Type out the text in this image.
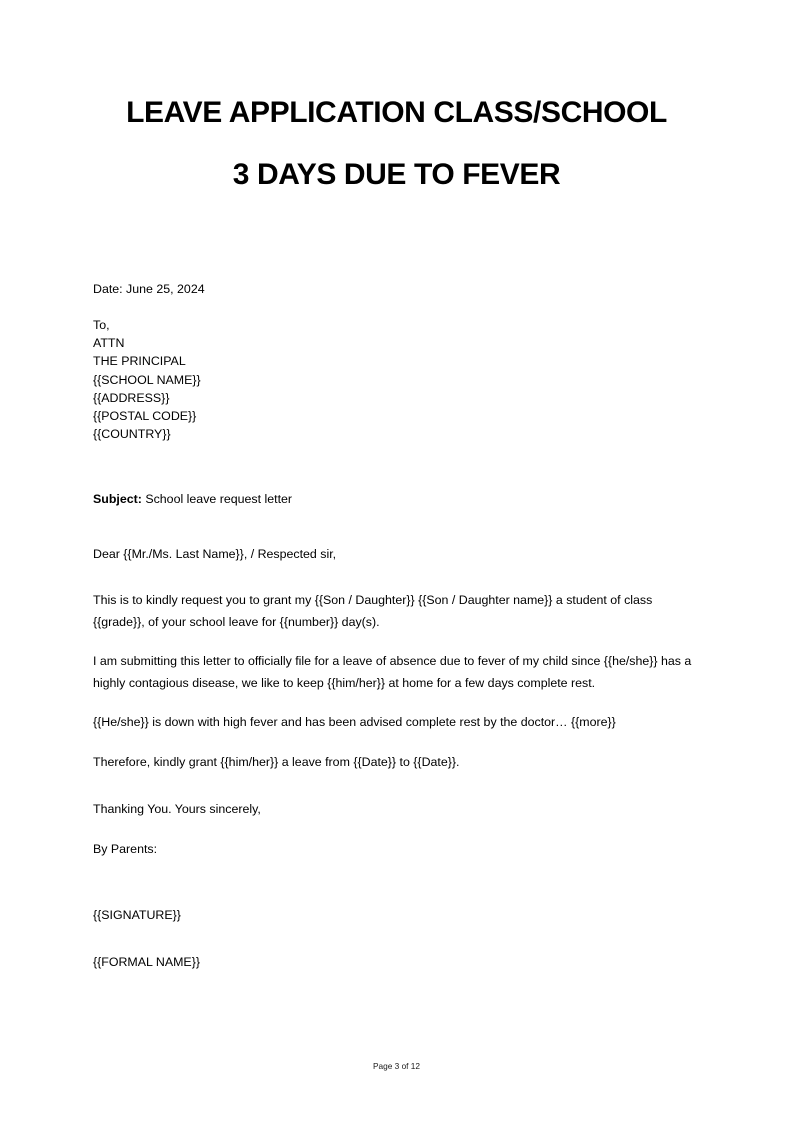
LEAVE APPLICATION CLASS/SCHOOL
3 DAYS DUE TO FEVER
Date: June 25, 2024
To,
ATTN
THE PRINCIPAL
{{SCHOOL NAME}}
{{ADDRESS}}
{{POSTAL CODE}}
{{COUNTRY}}
Subject: School leave request letter
Dear {{Mr./Ms. Last Name}}, / Respected sir,
This is to kindly request you to grant my {{Son / Daughter}} {{Son / Daughter name}} a student of class {{grade}}, of your school leave for {{number}} day(s).
I am submitting this letter to officially file for a leave of absence due to fever of my child since {{he/she}} has a highly contagious disease, we like to keep {{him/her}} at home for a few days complete rest.
{{He/she}} is down with high fever and has been advised complete rest by the doctor… {{more}}
Therefore, kindly grant {{him/her}} a leave from {{Date}} to {{Date}}.
Thanking You. Yours sincerely,
By Parents:
{{SIGNATURE}}
{{FORMAL NAME}}
Page 3 of 12
